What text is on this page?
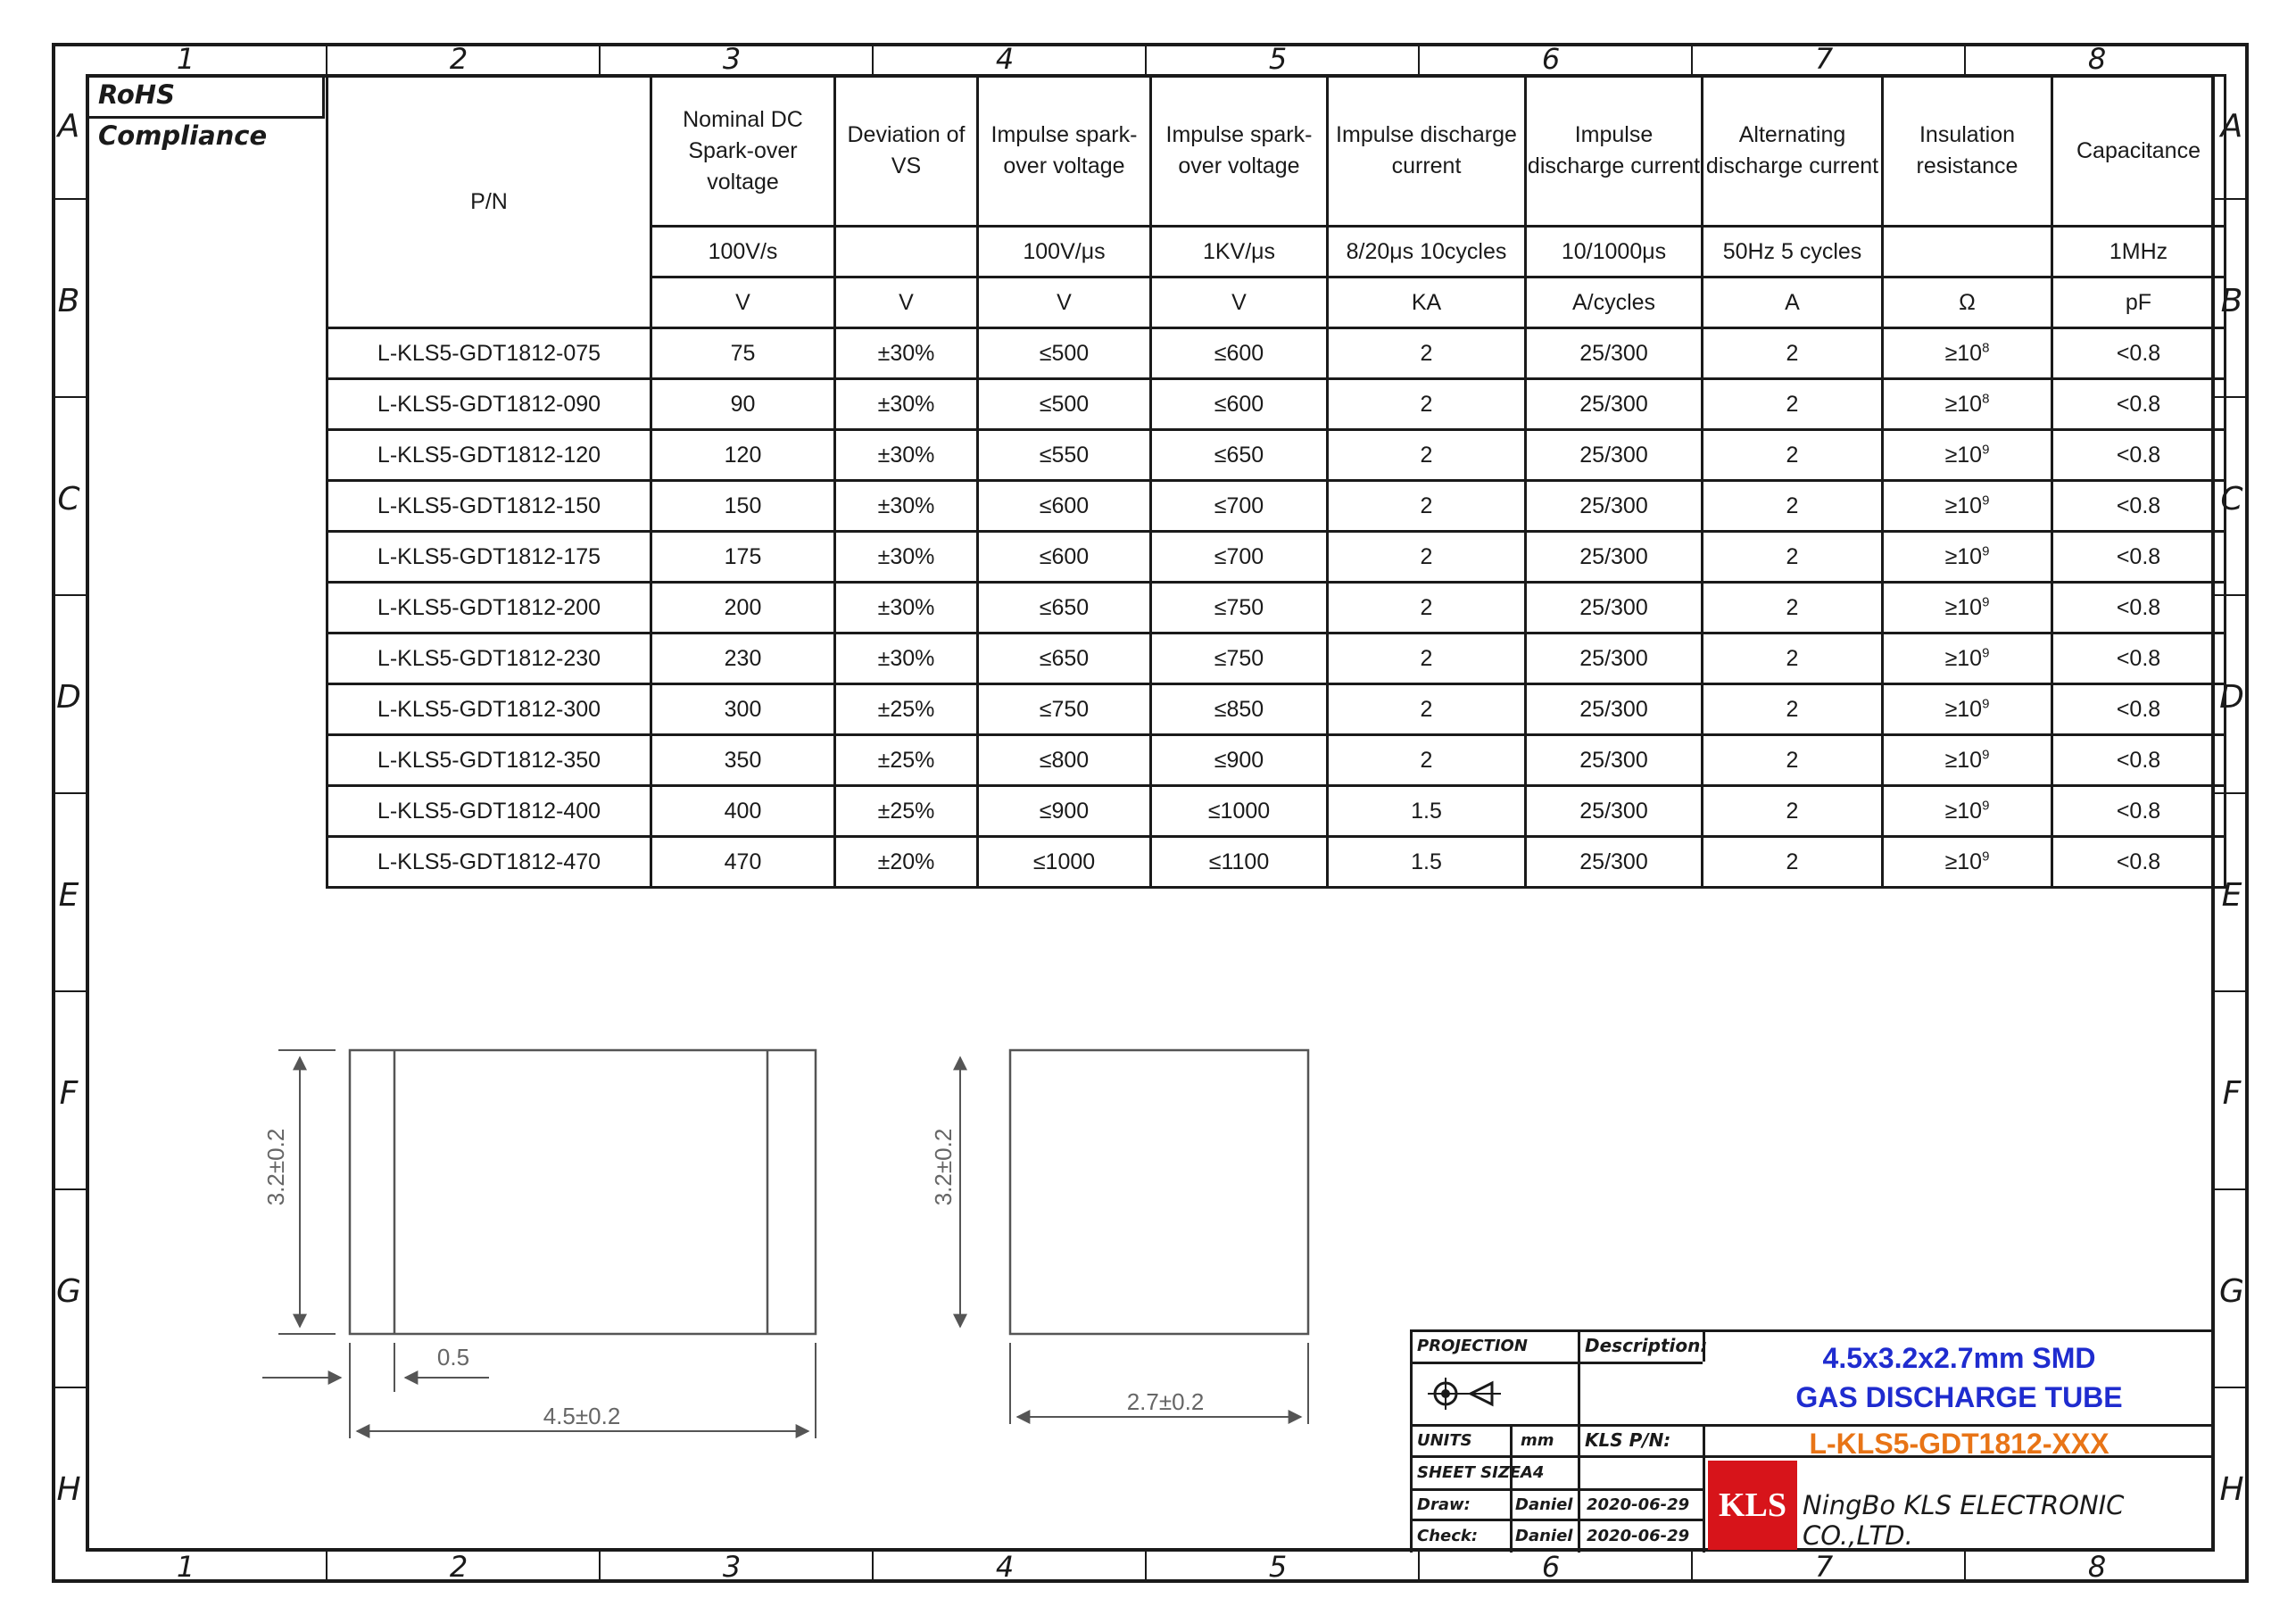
1	2	3	4	5	6	7	8
1	2	3	4	5	6	7	8
A
B
C
D
E
F
G
H
A
B
C
D
E
F
G
H
RoHS Compliance
P/N	Nominal DC Spark-over voltage	Deviation of VS	Impulse spark-over voltage	Impulse spark-over voltage	Impulse discharge current	Impulse discharge current	Alternating discharge current	Insulation resistance	Capacitance
	100V/s		100V/μs	1KV/μs	8/20μs 10cycles	10/1000μs	50Hz 5 cycles		1MHz
	V	V	V	V	KA	A/cycles	A	Ω	pF
L-KLS5-GDT1812-075	75	±30%	≤500	≤600	2	25/300	2	$\ge 10^8$	<0.8
L-KLS5-GDT1812-090	90	±30%	≤500	≤600	2	25/300	2	$\ge 10^8$	<0.8
L-KLS5-GDT1812-120	120	±30%	≤550	≤650	2	25/300	2	$\ge 10^9$	<0.8
L-KLS5-GDT1812-150	150	±30%	≤600	≤700	2	25/300	2	$\ge 10^9$	<0.8
L-KLS5-GDT1812-175	175	±30%	≤600	≤700	2	25/300	2	$\ge 10^9$	<0.8
L-KLS5-GDT1812-200	200	±30%	≤650	≤750	2	25/300	2	$\ge 10^9$	<0.8
L-KLS5-GDT1812-230	230	±30%	≤650	≤750	2	25/300	2	$\ge 10^9$	<0.8
L-KLS5-GDT1812-300	300	±25%	≤750	≤850	2	25/300	2	$\ge 10^9$	<0.8
L-KLS5-GDT1812-350	350	±25%	≤800	≤900	2	25/300	2	$\ge 10^9$	<0.8
L-KLS5-GDT1812-400	400	±25%	≤900	≤1000	1.5	25/300	2	$\ge 10^9$	<0.8
L-KLS5-GDT1812-470	470	±20%	≤1000	≤1100	1.5	25/300	2	$\ge 10^9$	<0.8
3.2±0.2
4.5±0.2
0.5
3.2±0.2
2.7±0.2
PROJECTION	Description:	4.5x3.2x2.7mm SMD
GAS DISCHARGE TUBE
UNITS	mm KLS P/N:	L-KLS5-GDT1812-XXX
SHEET SIZE A4
Draw:	Daniel 2020-06-29
Check: Daniel 2020-06-29
KLS NingBo KLS ELECTRONIC CO.,LTD.
